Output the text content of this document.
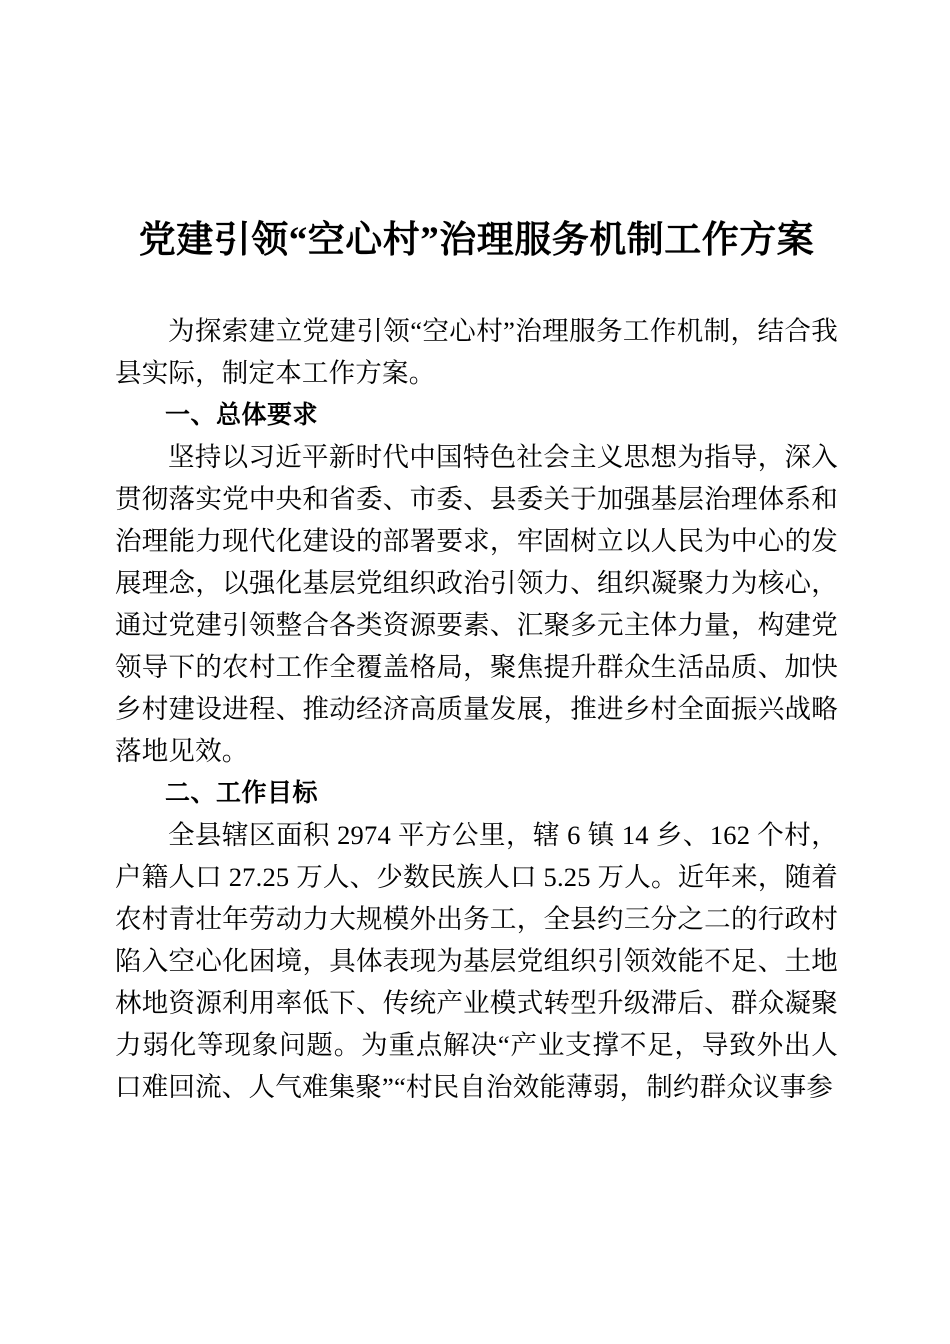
党建引领“空心村”治理服务机制工作方案

为探索建立党建引领“空心村”治理服务工作机制，结合我县实际，制定本工作方案。

一、总体要求

坚持以习近平新时代中国特色社会主义思想为指导，深入贯彻落实党中央和省委、市委、县委关于加强基层治理体系和治理能力现代化建设的部署要求，牢固树立以人民为中心的发展理念，以强化基层党组织政治引领力、组织凝聚力为核心，通过党建引领整合各类资源要素、汇聚多元主体力量，构建党领导下的农村工作全覆盖格局，聚焦提升群众生活品质、加快乡村建设进程、推动经济高质量发展，推进乡村全面振兴战略落地见效。

二、工作目标

全县辖区面积 2974 平方公里，辖 6 镇 14 乡、162 个村，户籍人口 27.25 万人、少数民族人口 5.25 万人。近年来，随着农村青壮年劳动力大规模外出务工，全县约三分之二的行政村陷入空心化困境，具体表现为基层党组织引领效能不足、土地林地资源利用率低下、传统产业模式转型升级滞后、群众凝聚力弱化等现象问题。为重点解决“产业支撑不足，导致外出人口难回流、人气难集聚”“村民自治效能薄弱，制约群众议事参
